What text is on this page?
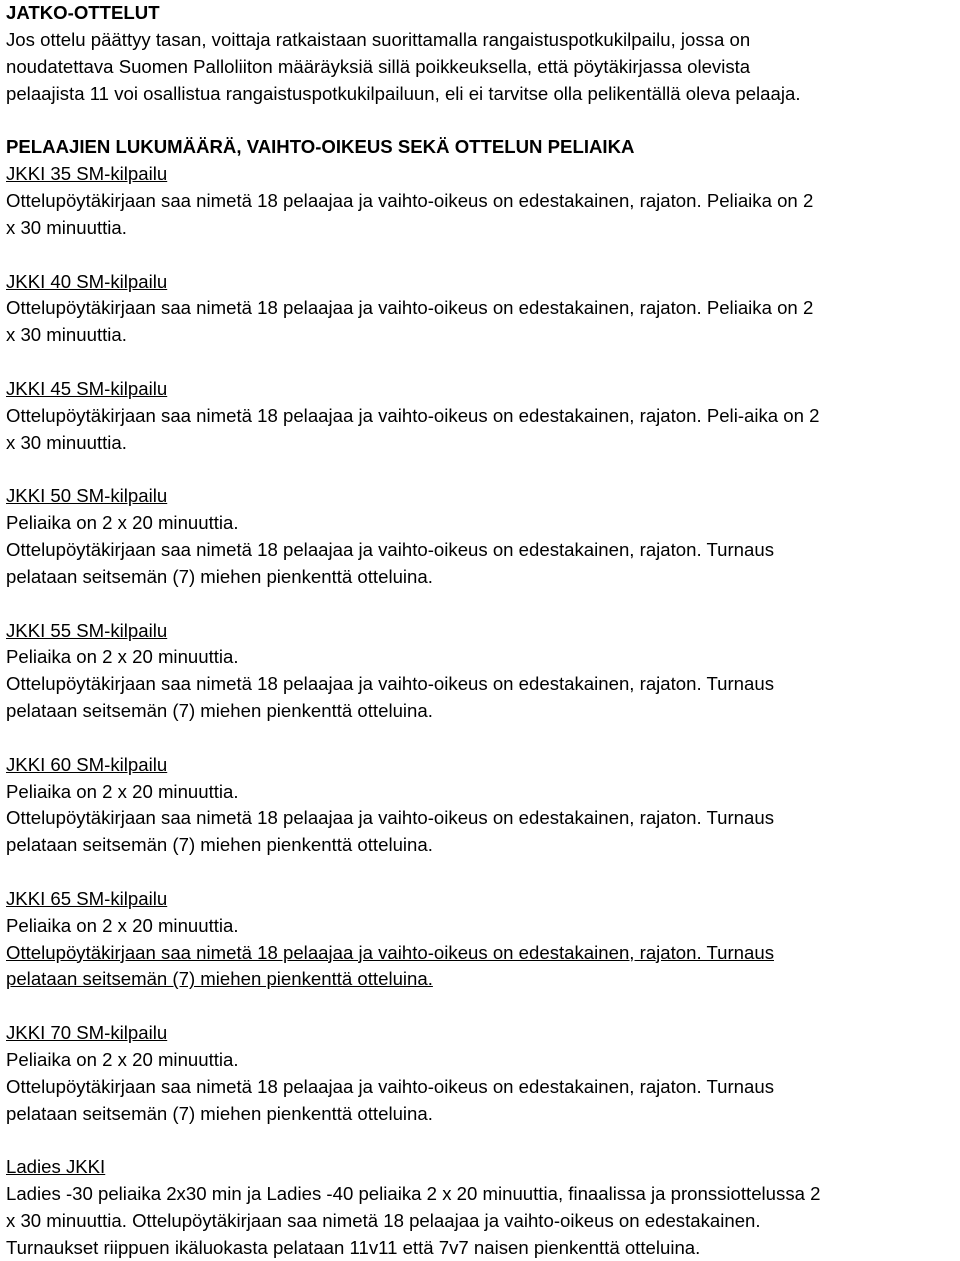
JATKO-OTTELUT
Jos ottelu päättyy tasan, voittaja ratkaistaan suorittamalla rangaistuspotkukilpailu, jossa on
noudatettava Suomen Palloliiton määräyksiä sillä poikkeuksella, että pöytäkirjassa olevista
pelaajista 11 voi osallistua rangaistuspotkukilpailuun, eli ei tarvitse olla pelikentällä oleva pelaaja.
PELAAJIEN LUKUMÄÄRÄ, VAIHTO-OIKEUS SEKÄ OTTELUN PELIAIKA
JKKI 35 SM-kilpailu
Ottelupöytäkirjaan saa nimetä 18 pelaajaa ja vaihto-oikeus on edestakainen, rajaton. Peliaika on 2
x 30 minuuttia.
JKKI 40 SM-kilpailu
Ottelupöytäkirjaan saa nimetä 18 pelaajaa ja vaihto-oikeus on edestakainen, rajaton. Peliaika on 2
x 30 minuuttia.
JKKI 45 SM-kilpailu
Ottelupöytäkirjaan saa nimetä 18 pelaajaa ja vaihto-oikeus on edestakainen, rajaton. Peli-aika on 2
x 30 minuuttia.
JKKI 50 SM-kilpailu
Peliaika on 2 x 20 minuuttia.
Ottelupöytäkirjaan saa nimetä 18 pelaajaa ja vaihto-oikeus on edestakainen, rajaton. Turnaus
pelataan seitsemän (7) miehen pienkenttä otteluina.
JKKI 55 SM-kilpailu
Peliaika on 2 x 20 minuuttia.
Ottelupöytäkirjaan saa nimetä 18 pelaajaa ja vaihto-oikeus on edestakainen, rajaton. Turnaus
pelataan seitsemän (7) miehen pienkenttä otteluina.
JKKI 60 SM-kilpailu
Peliaika on 2 x 20 minuuttia.
Ottelupöytäkirjaan saa nimetä 18 pelaajaa ja vaihto-oikeus on edestakainen, rajaton. Turnaus
pelataan seitsemän (7) miehen pienkenttä otteluina.
JKKI 65 SM-kilpailu
Peliaika on 2 x 20 minuuttia.
Ottelupöytäkirjaan saa nimetä 18 pelaajaa ja vaihto-oikeus on edestakainen, rajaton. Turnaus
pelataan seitsemän (7) miehen pienkenttä otteluina.
JKKI 70 SM-kilpailu
Peliaika on 2 x 20 minuuttia.
Ottelupöytäkirjaan saa nimetä 18 pelaajaa ja vaihto-oikeus on edestakainen, rajaton. Turnaus
pelataan seitsemän (7) miehen pienkenttä otteluina.
Ladies JKKI
Ladies -30 peliaika 2x30 min ja Ladies -40 peliaika 2 x 20 minuuttia, finaalissa ja pronssiottelussa 2
x 30 minuuttia. Ottelupöytäkirjaan saa nimetä 18 pelaajaa ja vaihto-oikeus on edestakainen.
Turnaukset riippuen ikäluokasta pelataan 11v11 että 7v7 naisen pienkenttä otteluina.
